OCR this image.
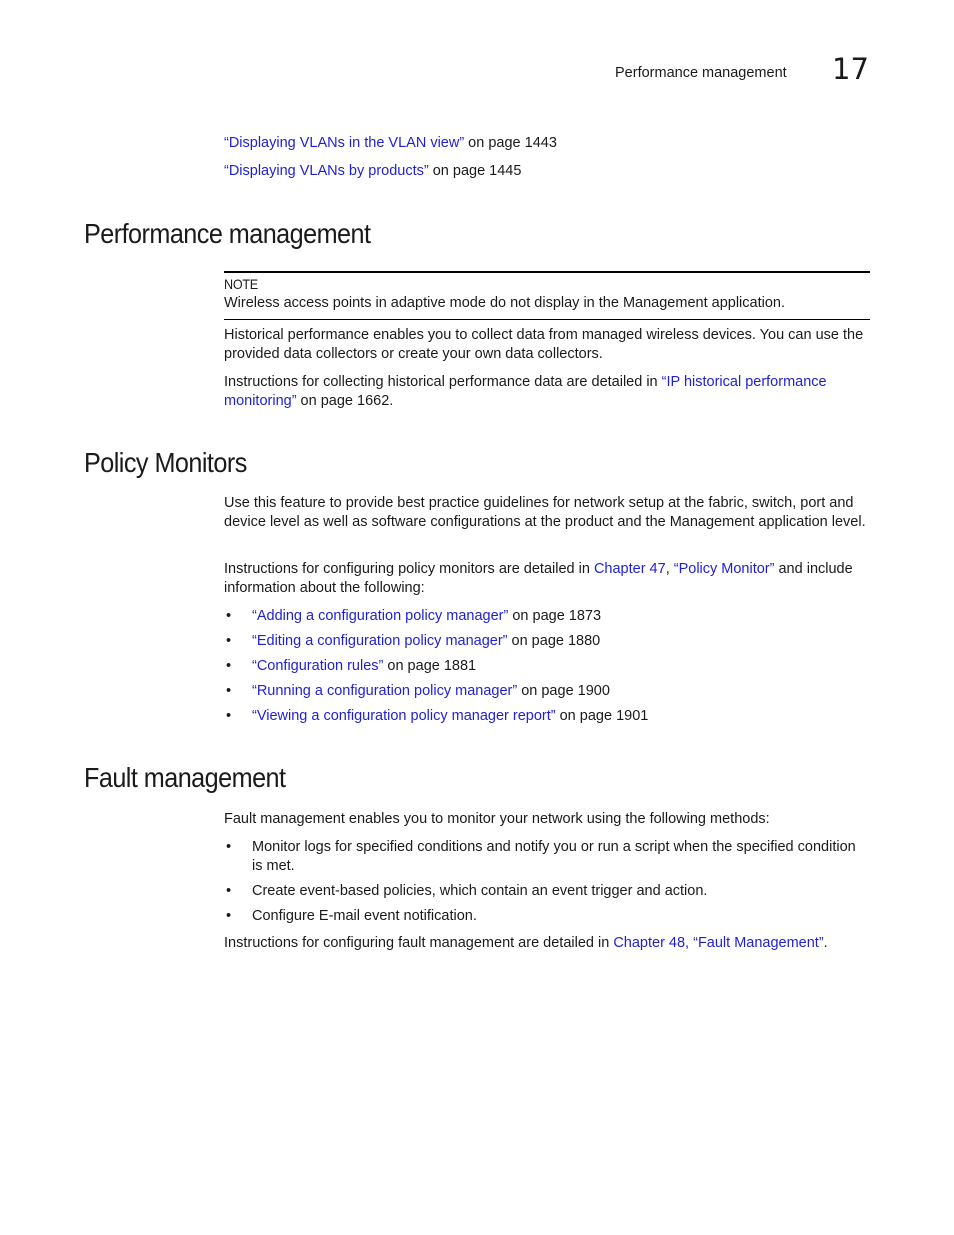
Performance management 17
“Displaying VLANs in the VLAN view” on page 1443
“Displaying VLANs by products” on page 1445
Performance management
NOTE
Wireless access points in adaptive mode do not display in the Management application.

Historical performance enables you to collect data from managed wireless devices. You can use the provided data collectors or create your own data collectors.

Instructions for collecting historical performance data are detailed in “IP historical performance monitoring” on page 1662.

Policy Monitors

Use this feature to provide best practice guidelines for network setup at the fabric, switch, port and device level as well as software configurations at the product and the Management application level.

Instructions for configuring policy monitors are detailed in Chapter 47, “Policy Monitor” and include information about the following:

• “Adding a configuration policy manager” on page 1873
• “Editing a configuration policy manager” on page 1880
• “Configuration rules” on page 1881
• “Running a configuration policy manager” on page 1900
• “Viewing a configuration policy manager report” on page 1901
Fault management

Fault management enables you to monitor your network using the following methods:

• Monitor logs for specified conditions and notify you or run a script when the specified condition is met.
• Create event-based policies, which contain an event trigger and action.
• Configure E-mail event notification.

Instructions for configuring fault management are detailed in Chapter 48, “Fault Management”.
